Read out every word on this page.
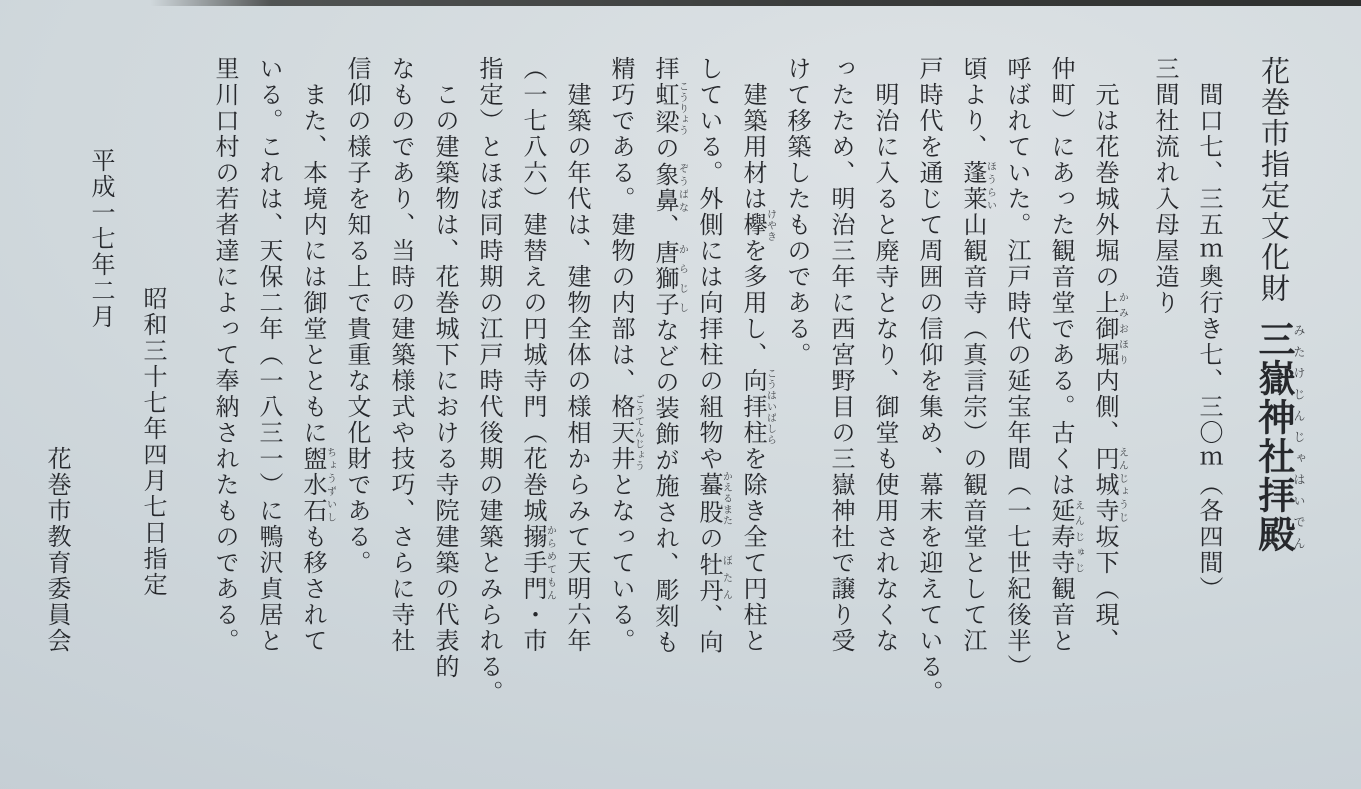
花巻市指定文化財三嶽神社拝殿みたけじんじゃはいでん
間口七、三五ｍ奥行き七、三〇ｍ（各四間）
三間社流れ入母屋造り
元は花巻城外堀の上御堀かみおほり内側、円城寺えんじょうじ坂下（現、
仲町）にあった観音堂である。古くは延寿寺えんじゅじ観音と
呼ばれていた。江戸時代の延宝年間（一七世紀後半）
頃より、蓬莱ほうらい山観音寺（真言宗）の観音堂として江
戸時代を通じて周囲の信仰を集め、幕末を迎えている。
明治に入ると廃寺となり、御堂も使用されなくな
ったため、明治三年に西宮野目の三嶽神社で譲り受
けて移築したものである。
建築用材は欅けやきを多用し、向拝柱こうはいばしらを除き全て円柱と
している。外側には向拝柱の組物や蟇股かえるまたの牡丹ぼたん、向
拝虹梁こうりょうの象鼻ぞうばな、唐獅子からじしなどの装飾が施され、彫刻も
精巧である。建物の内部は、格天井ごうてんじょうとなっている。
建築の年代は、建物全体の様相からみて天明六年
（一七八六）建替えの円城寺門（花巻城搦手門からめてもん・市
指定）とほぼ同時期の江戸時代後期の建築とみられる。
この建築物は、花巻城下における寺院建築の代表的
なものであり、当時の建築様式や技巧、さらに寺社
信仰の様子を知る上で貴重な文化財である。
また、本境内には御堂とともに盥水石ちょうずいしも移されて
いる。これは、天保二年（一八三一）に鴨沢貞居と
里川口村の若者達によって奉納されたものである。
昭和三十七年四月七日指定
平成一七年二月
花巻市教育委員会
